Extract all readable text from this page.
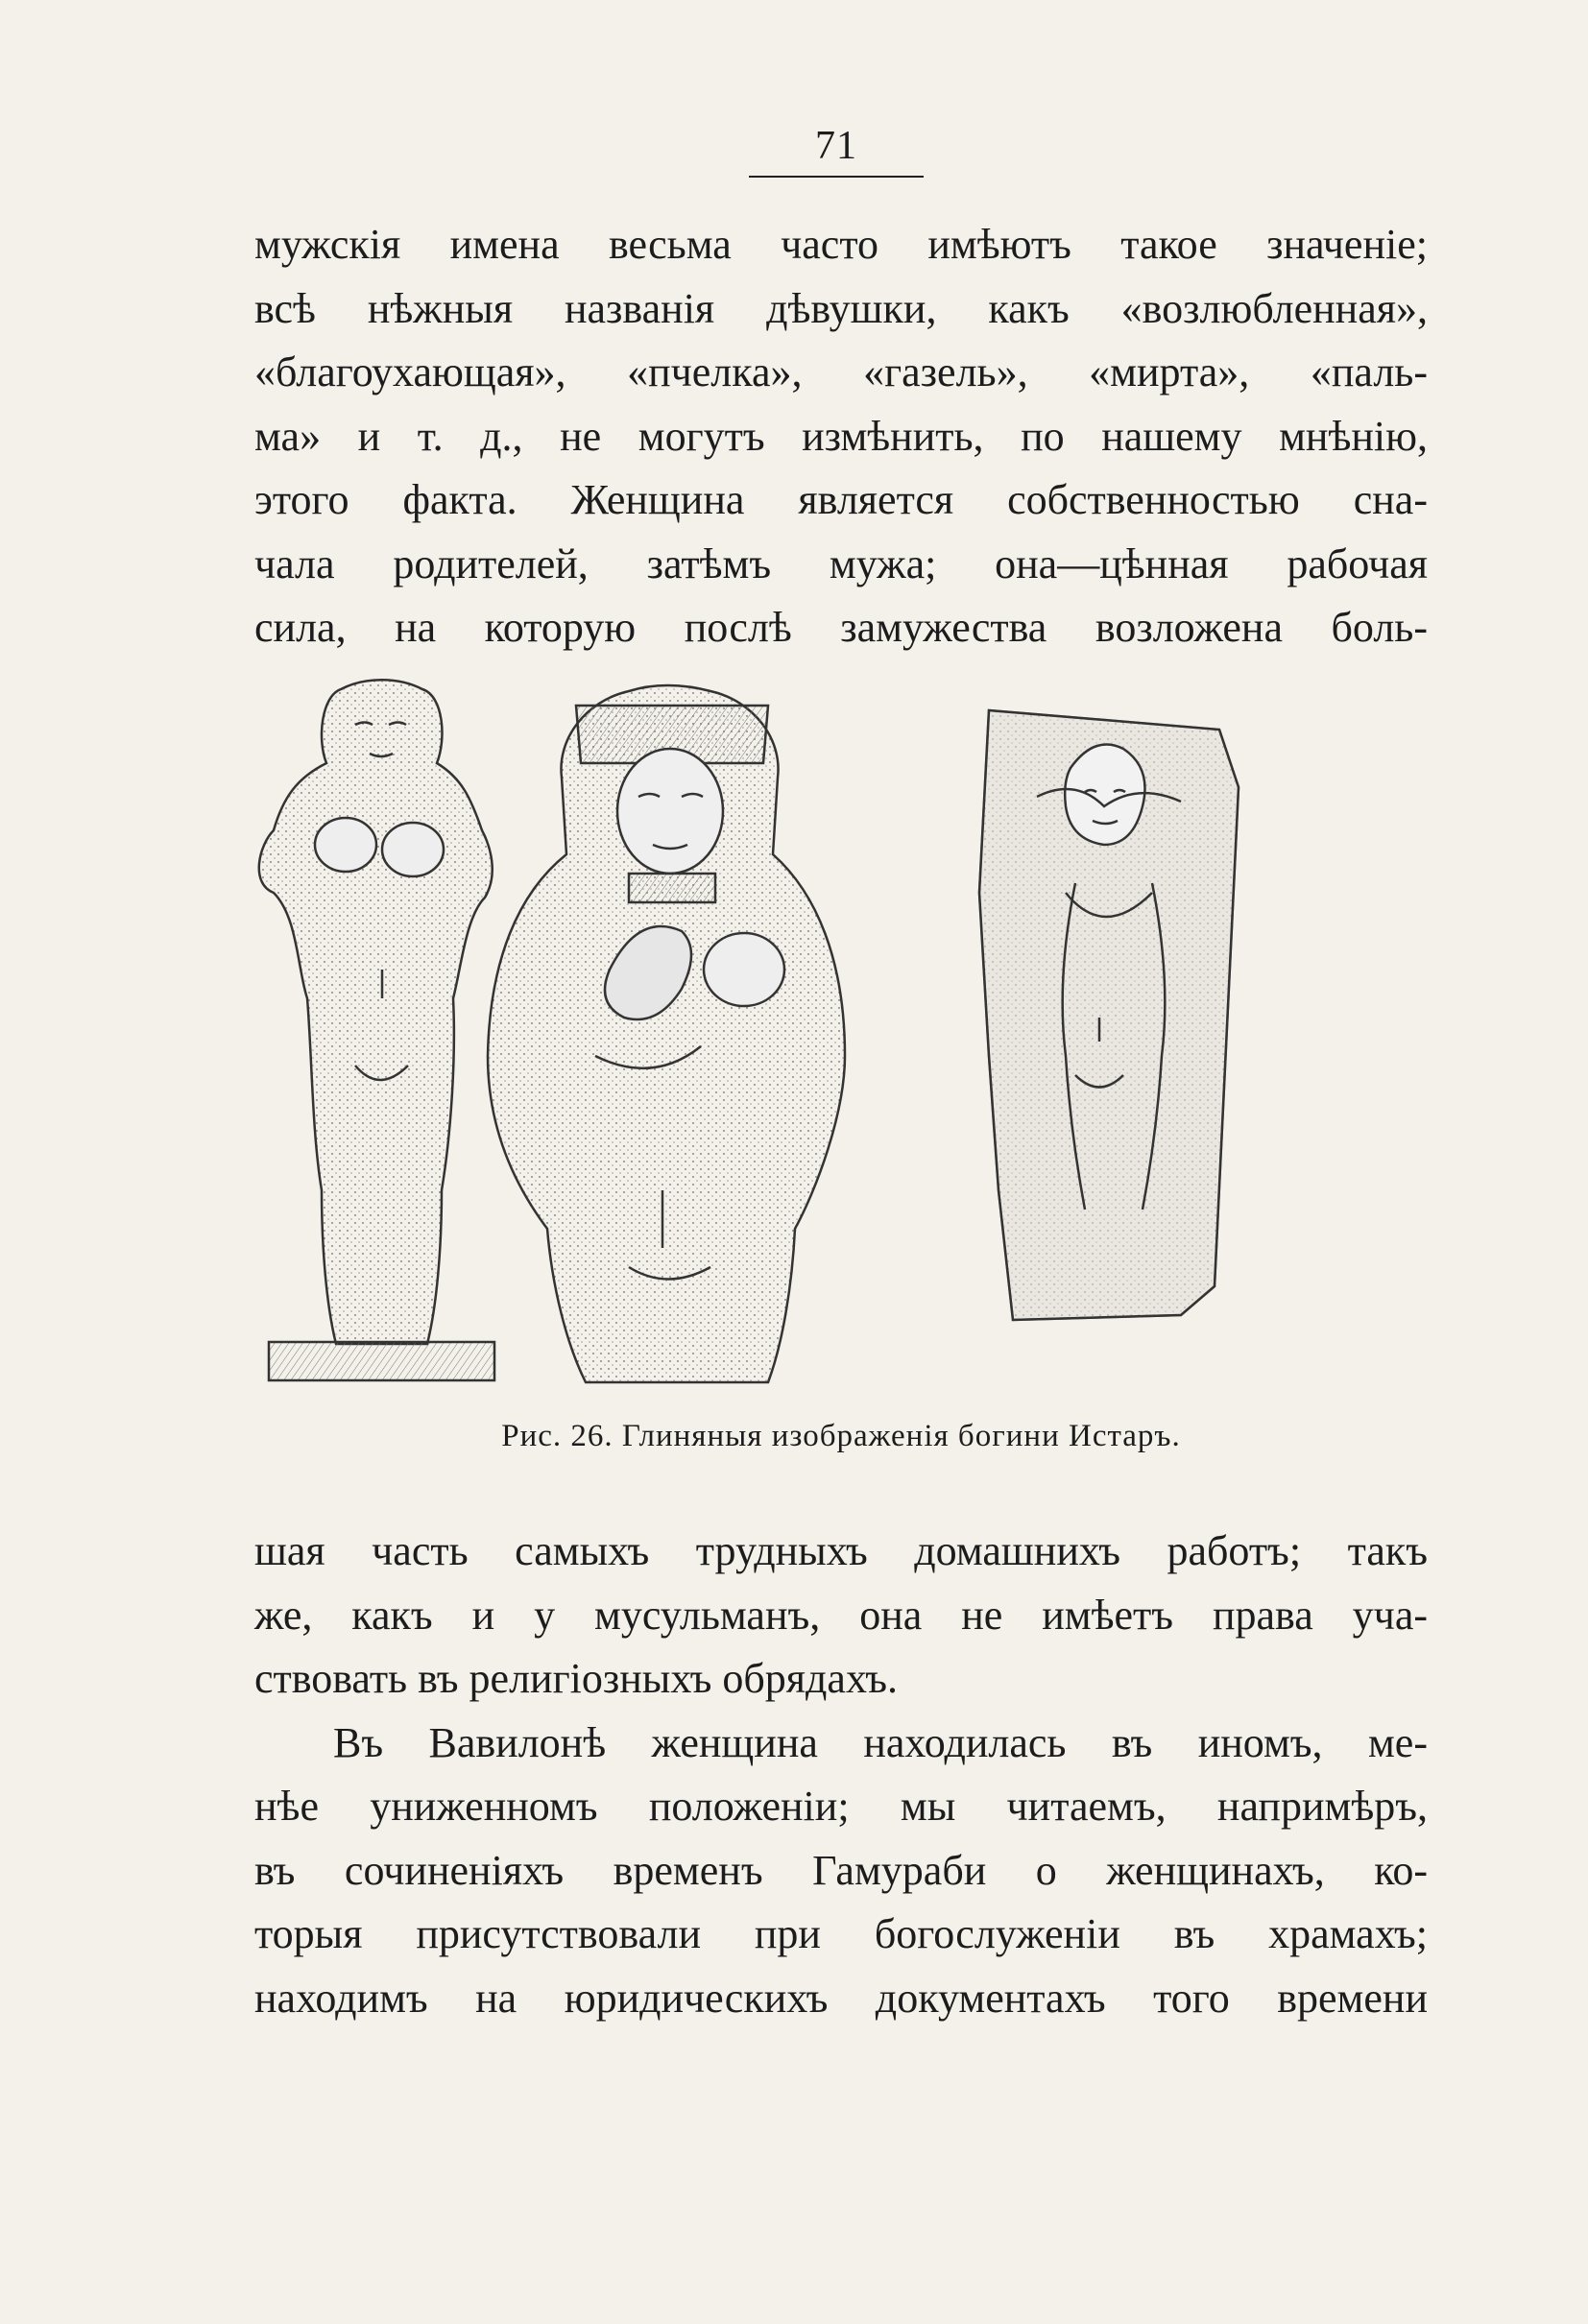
71
мужскія имена весьма часто имѣютъ такое значеніе;
всѣ нѣжныя названія дѣвушки, какъ «возлюбленная»,
«благоухающая», «пчелка», «газель», «мирта», «паль-
ма» и т. д., не могутъ измѣнить, по нашему мнѣнію,
этого факта. Женщина является собственностью сна-
чала родителей, затѣмъ мужа; она—цѣнная рабочая
сила, на которую послѣ замужества возложена боль-
Рис. 26. Глиняныя изображенія богини Истаръ.
шая часть самыхъ трудныхъ домашнихъ работъ; такъ
же, какъ и у мусульманъ, она не имѣетъ права уча-
ствовать въ религіозныхъ обрядахъ.
Въ Вавилонѣ женщина находилась въ иномъ, ме-
нѣе униженномъ положеніи; мы читаемъ, напримѣръ,
въ сочиненіяхъ временъ Гамураби о женщинахъ, ко-
торыя присутствовали при богослуженіи въ храмахъ;
находимъ на юридическихъ документахъ того времени
